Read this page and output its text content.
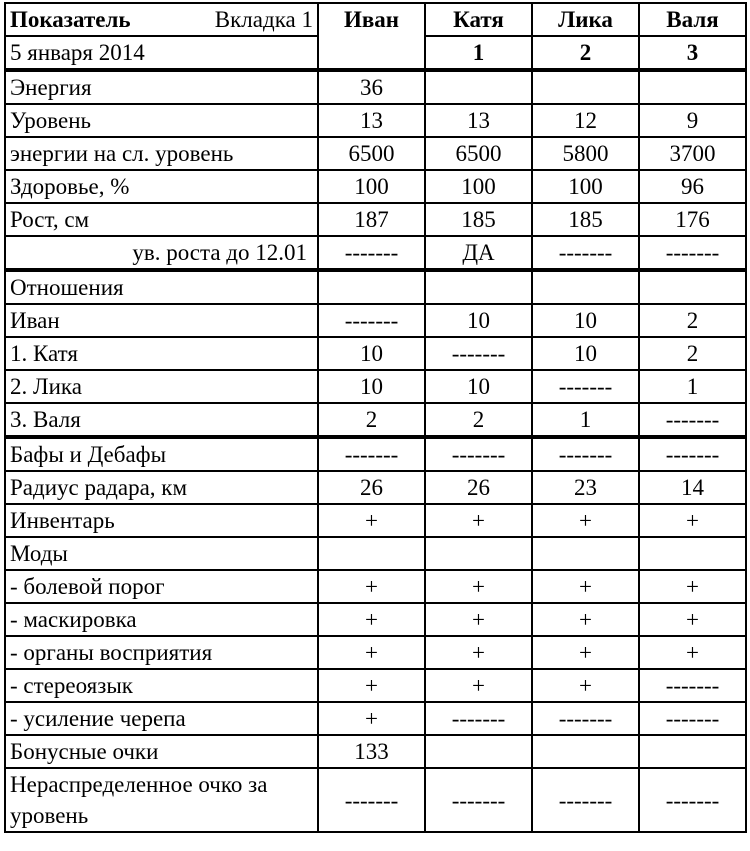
Показатель Вкладка 1	Иван	Катя	Лика	Валя
5 января 2014		1	2	3
Энергия	36			
Уровень	13	13	12	9
энергии на сл. уровень	6500	6500	5800	3700
Здоровье, %	100	100	100	96
Рост, см	187	185	185	176
ув. роста до 12.01	-------	ДА	-------	-------
Отношения				
Иван	-------	10	10	2
1. Катя	10	-------	10	2
2. Лика	10	10	-------	1
3. Валя	2	2	1	-------
Бафы и Дебафы	-------	-------	-------	-------
Радиус радара, км	26	26	23	14
Инвентарь	+	+	+	+
Моды				
- болевой порог	+	+	+	+
- маскировка	+	+	+	+
- органы восприятия	+	+	+	+
- стереоязык	+	+	+	-------
- усиление черепа	+	-------	-------	-------
Бонусные очки	133			
Нераспределенное очко за уровень	-------	-------	-------	-------
